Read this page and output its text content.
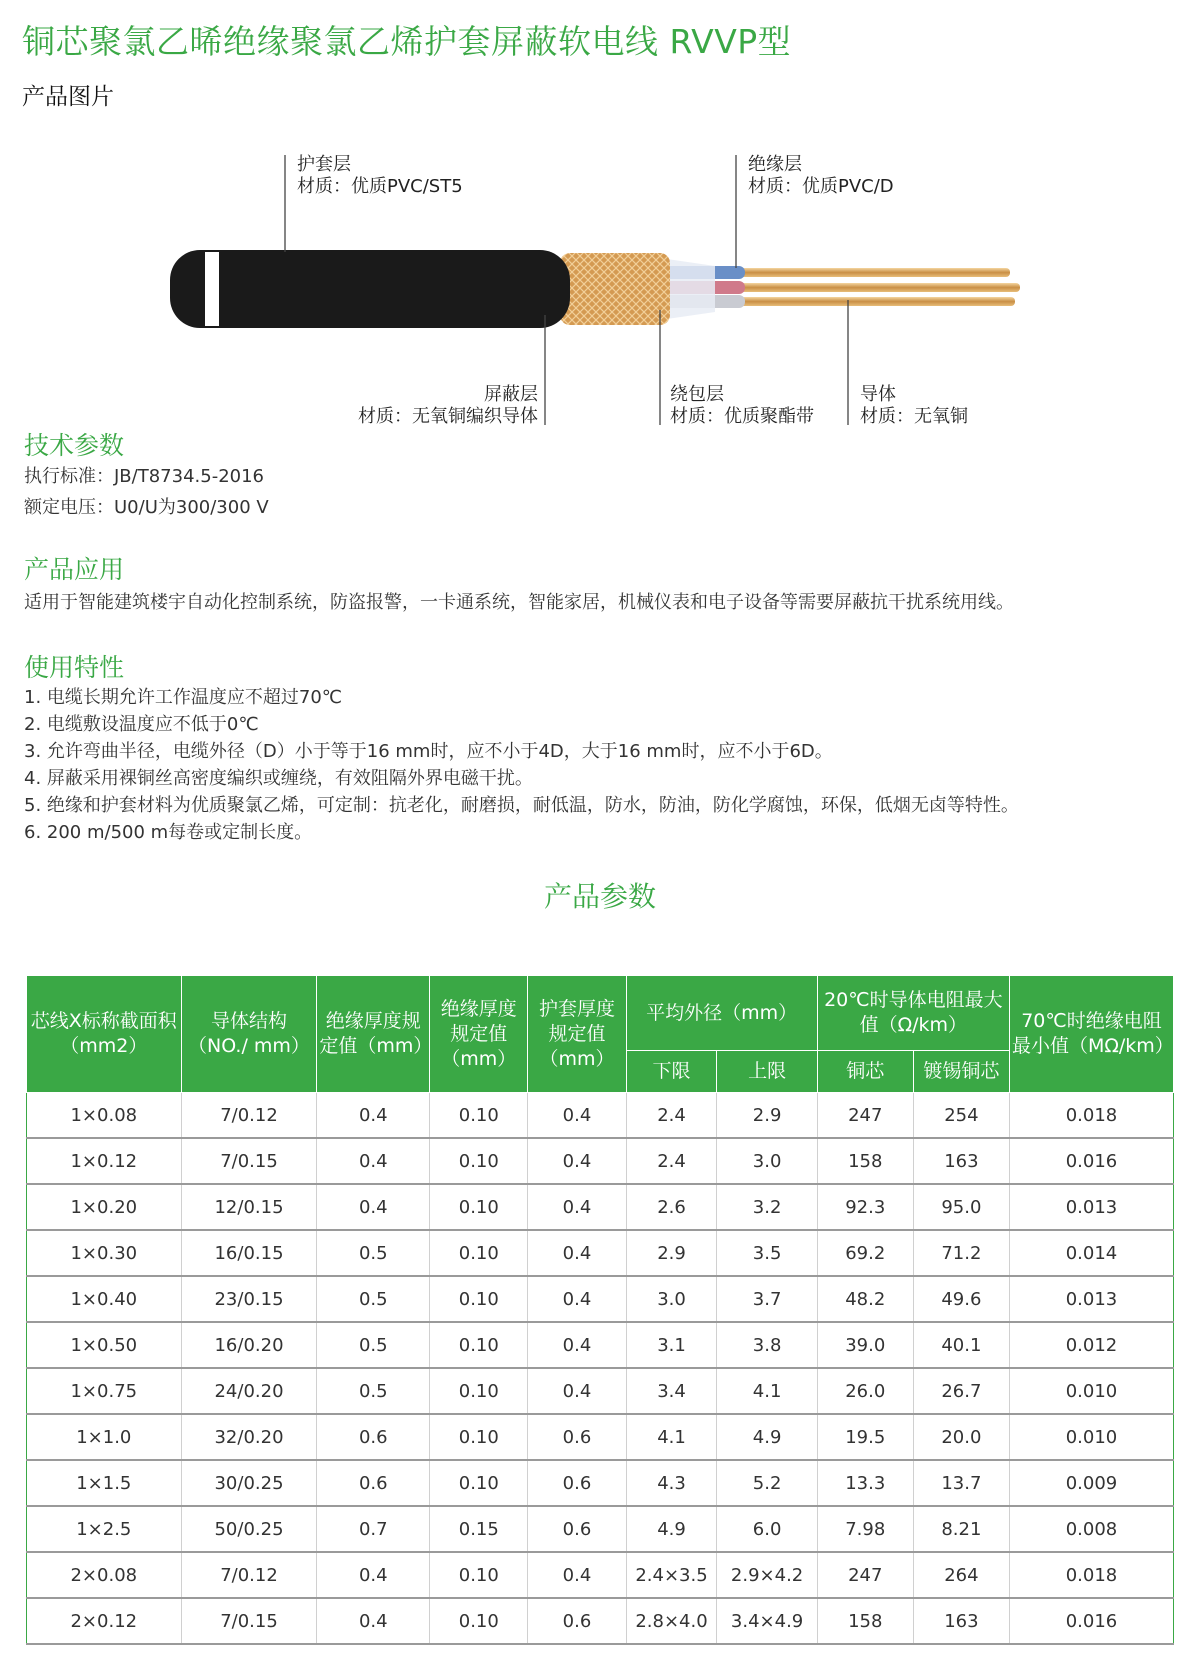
铜芯聚氯乙晞绝缘聚氯乙烯护套屏蔽软电线 RVVP型
产品图片
护套层
材质：优质PVC/ST5
绝缘层
材质：优质PVC/D
屏蔽层
材质：无氧铜编织导体
绕包层
材质：优质聚酯带
导体
材质：无氧铜
技术参数
执行标准：JB/T8734.5-2016
额定电压：U0/U为300/300 V
产品应用
适用于智能建筑楼宇自动化控制系统，防盗报警，一卡通系统，智能家居，机械仪表和电子设备等需要屏蔽抗干扰系统用线。
使用特性
1. 电缆长期允许工作温度应不超过70℃
2. 电缆敷设温度应不低于0℃
3. 允许弯曲半径，电缆外径（D）小于等于16 mm时，应不小于4D，大于16 mm时，应不小于6D。
4. 屏蔽采用裸铜丝高密度编织或缠绕，有效阻隔外界电磁干扰。
5. 绝缘和护套材料为优质聚氯乙烯，可定制：抗老化，耐磨损，耐低温，防水，防油，防化学腐蚀，环保，低烟无卤等特性。
6. 200 m/500 m每卷或定制长度。
产品参数
芯线X标称截面积（mm2）	导体结构（NO./ mm）	绝缘厚度规定值（mm）	绝缘厚度规定值（mm）	护套厚度规定值（mm）	平均外径（mm）		20℃时导体电阻最大值（Ω/km）		70℃时绝缘电阻最小值（MΩ/km）
					下限	上限	铜芯	镀锡铜芯	
1×0.08	7/0.12	0.4	0.10	0.4	2.4	2.9	247	254	0.018
1×0.12	7/0.15	0.4	0.10	0.4	2.4	3.0	158	163	0.016
1×0.20	12/0.15	0.4	0.10	0.4	2.6	3.2	92.3	95.0	0.013
1×0.30	16/0.15	0.5	0.10	0.4	2.9	3.5	69.2	71.2	0.014
1×0.40	23/0.15	0.5	0.10	0.4	3.0	3.7	48.2	49.6	0.013
1×0.50	16/0.20	0.5	0.10	0.4	3.1	3.8	39.0	40.1	0.012
1×0.75	24/0.20	0.5	0.10	0.4	3.4	4.1	26.0	26.7	0.010
1×1.0	32/0.20	0.6	0.10	0.6	4.1	4.9	19.5	20.0	0.010
1×1.5	30/0.25	0.6	0.10	0.6	4.3	5.2	13.3	13.7	0.009
1×2.5	50/0.25	0.7	0.15	0.6	4.9	6.0	7.98	8.21	0.008
2×0.08	7/0.12	0.4	0.10	0.4	2.4×3.5	2.9×4.2	247	264	0.018
2×0.12	7/0.15	0.4	0.10	0.6	2.8×4.0	3.4×4.9	158	163	0.016
